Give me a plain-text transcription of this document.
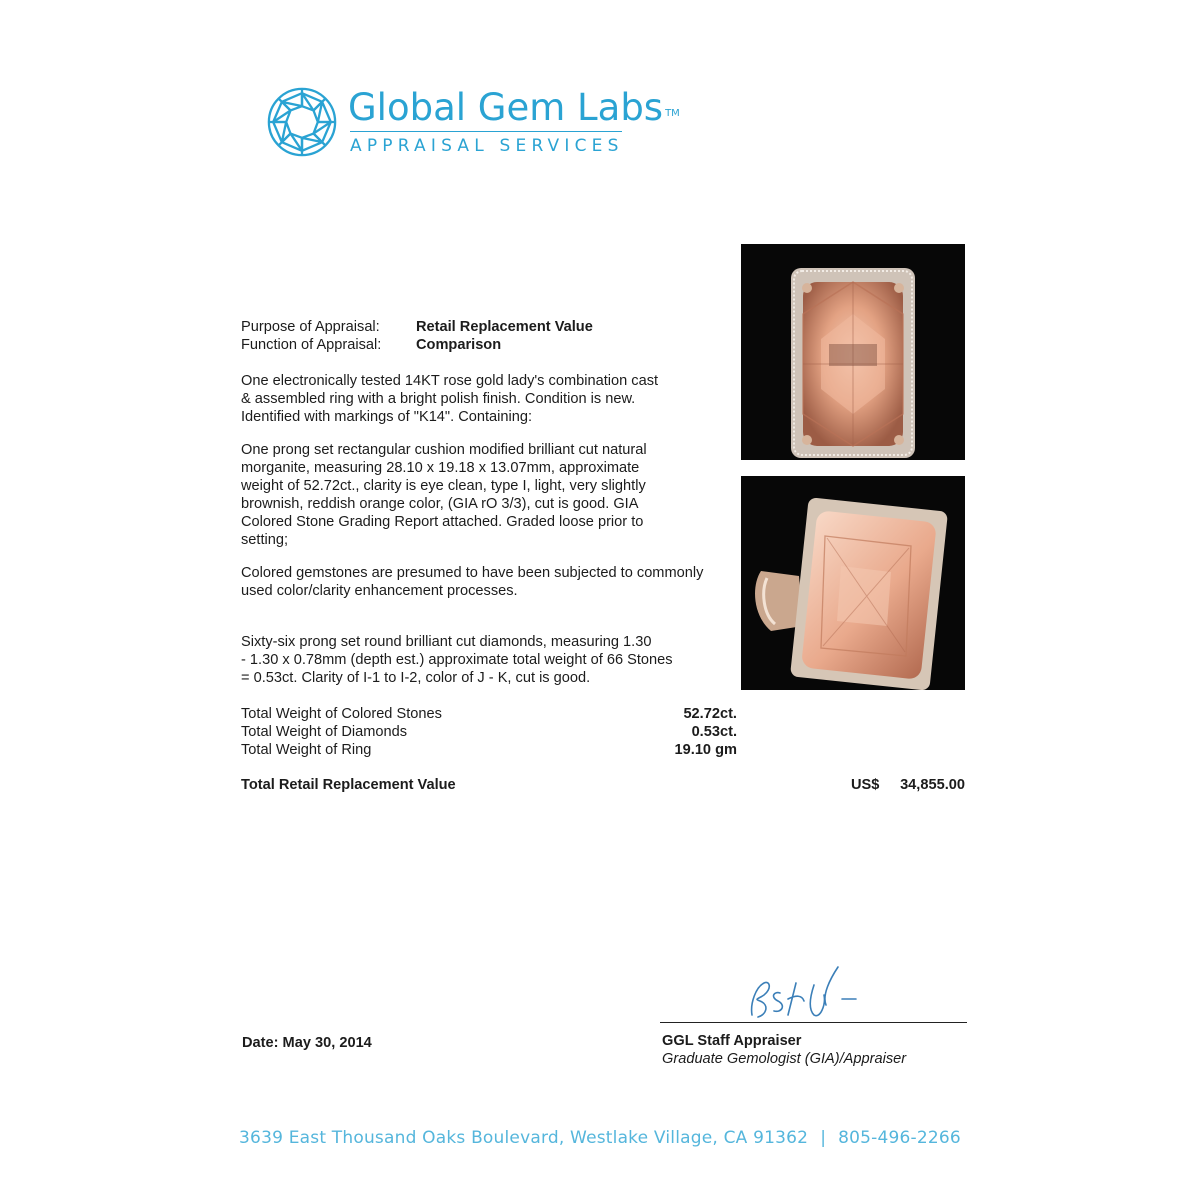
Global Gem Labs ™
APPRAISAL SERVICES
Purpose of Appraisal: Retail Replacement Value
Function of Appraisal: Comparison
One electronically tested 14KT rose gold lady's combination cast
& assembled ring with a bright polish finish. Condition is new.
Identified with markings of "K14". Containing:
One prong set rectangular cushion modified brilliant cut natural
morganite, measuring 28.10 x 19.18 x 13.07mm, approximate
weight of 52.72ct., clarity is eye clean, type I, light, very slightly
brownish, reddish orange color, (GIA rO 3/3), cut is good. GIA
Colored Stone Grading Report attached. Graded loose prior to
setting;
Colored gemstones are presumed to have been subjected to commonly
used color/clarity enhancement processes.
Sixty-six prong set round brilliant cut diamonds, measuring 1.30
- 1.30 x 0.78mm (depth est.) approximate total weight of 66 Stones
= 0.53ct. Clarity of I-1 to I-2, color of J - K, cut is good.
Total Weight of Colored Stones	52.72ct.
Total Weight of Diamonds	0.53ct.
Total Weight of Ring	19.10 gm
Total Retail Replacement Value	US$	34,855.00
Date: May 30, 2014	GGL Staff Appraiser
Graduate Gemologist (GIA)/Appraiser
3639 East Thousand Oaks Boulevard, Westlake Village, CA 91362 | 805-496-2266
